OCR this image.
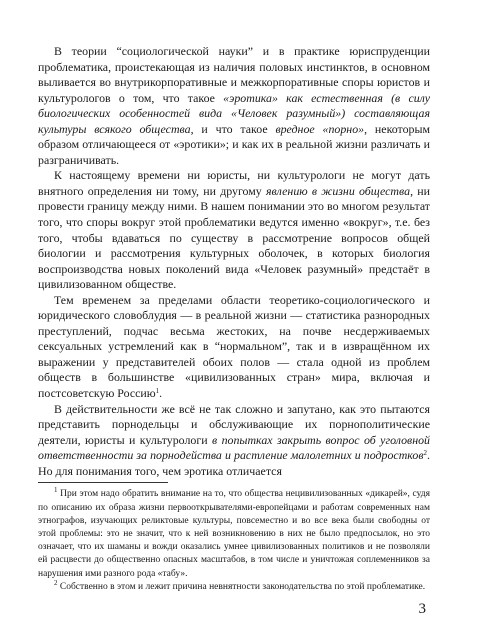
В теории “социологической науки” и в практике юриспруденции проблематика, проистекающая из наличия половых инстинктов, в основном выливается во внутрикорпоративные и межкорпоративные споры юристов и культурологов о том, что такое «эротика» как естественная (в силу биологических особенностей вида «Человек разумный») составляющая культуры всякого общества, и что такое вредное «порно», некоторым образом отличающееся от «эротики»; и как их в реальной жизни различать и разграничивать.

К настоящему времени ни юристы, ни культурологи не могут дать внятного определения ни тому, ни другому явлению в жизни общества, ни провести границу между ними. В нашем понимании это во многом результат того, что споры вокруг этой проблематики ведутся именно «вокруг», т.е. без того, чтобы вдаваться по существу в рассмотрение вопросов общей биологии и рассмотрения культурных оболочек, в которых биология воспроизводства новых поколений вида «Человек разумный» предстаёт в цивилизованном обществе.

Тем временем за пределами области теоретико-социологического и юридического словоблудия — в реальной жизни — статистика разнородных преступлений, подчас весьма жестоких, на почве несдерживаемых сексуальных устремлений как в “нормальном”, так и в извращённом их выражении у представителей обоих полов — стала одной из проблем обществ в большинстве «цивилизованных стран» мира, включая и постсоветскую Россию$^1$.

В действительности же всё не так сложно и запутано, как это пытаются представить порнодельцы и обслуживающие их порнополитические деятели, юристы и культурологи в попытках закрыть вопрос об уголовной ответственности за порнодейства и растление малолетних и подростков$^2$. Но для понимания того, чем эротика отличается

$^1$ При этом надо обратить внимание на то, что общества нецивилизованных «дикарей», судя по описанию их образа жизни первооткрывателями-европейцами и работам современных нам этнографов, изучающих реликтовые культуры, повсеместно и во все века были свободны от этой проблемы: это не значит, что к ней возникновению в них не было предпосылок, но это означает, что их шаманы и вожди оказались умнее цивилизованных политиков и не позволяли ей расцвести до общественно опасных масштабов, в том числе и уничтожая соплеменников за нарушения ими разного рода «табу».

$^2$ Собственно в этом и лежит причина невнятности законодательства по этой проблематике.

3
